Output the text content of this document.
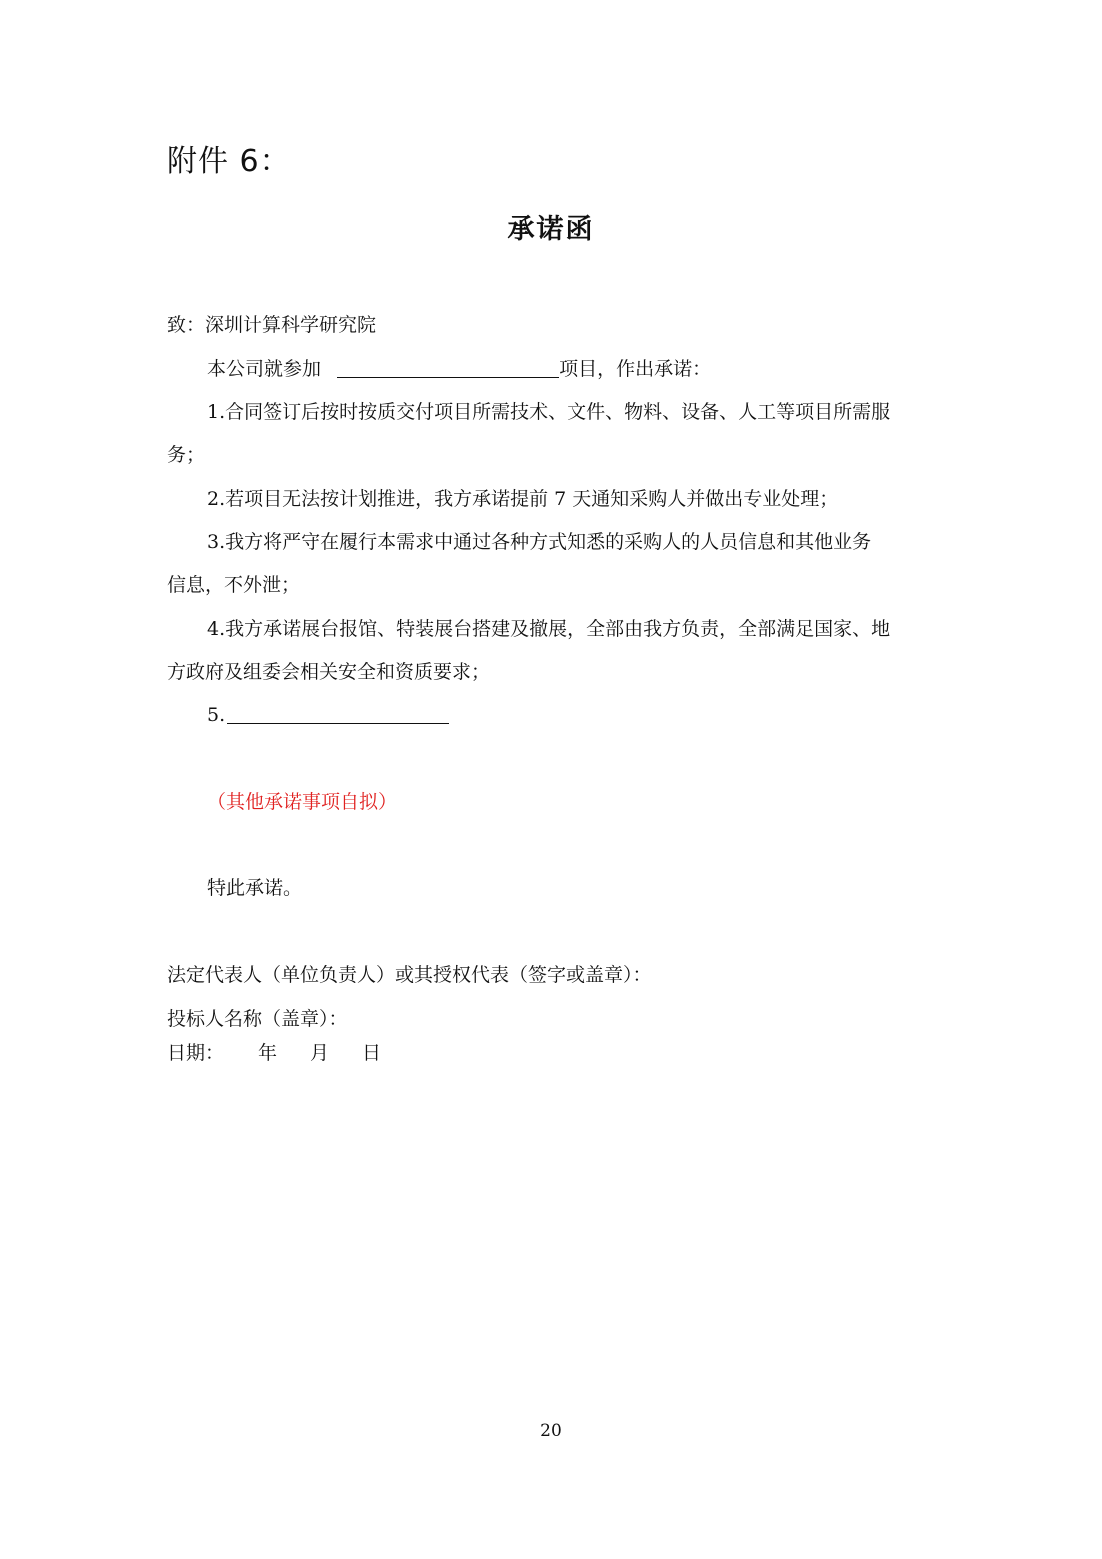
附件 6：
承诺函
致：深圳计算科学研究院
本公司就参加	项目，作出承诺：
1.合同签订后按时按质交付项目所需技术、文件、物料、设备、人工等项目所需服
务；
2.若项目无法按计划推进，我方承诺提前 7 天通知采购人并做出专业处理；
3.我方将严守在履行本需求中通过各种方式知悉的采购人的人员信息和其他业务
信息，不外泄；
4.我方承诺展台报馆、特装展台搭建及撤展，全部由我方负责，全部满足国家、地
方政府及组委会相关安全和资质要求；
5.
（其他承诺事项自拟）
特此承诺。
法定代表人（单位负责人）或其授权代表（签字或盖章）：
投标人名称（盖章）：
日期： 年 月 日
20
